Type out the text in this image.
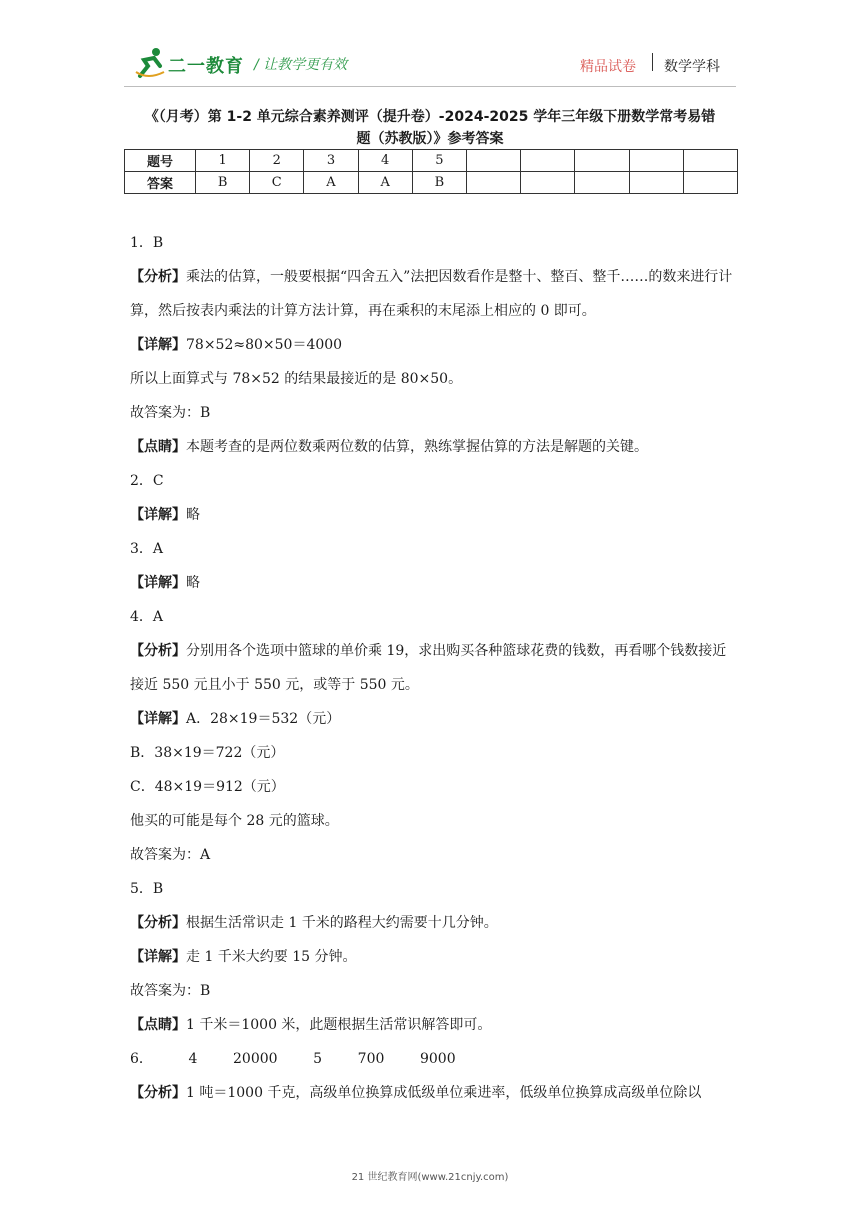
二一教育 / 让教学更有效	精品试卷 数学学科
《（月考）第 1-2 单元综合素养测评（提升卷）-2024-2025 学年三年级下册数学常考易错
题（苏教版）》参考答案
题号	1	2	3	4	5					
答案	B	C	A	A	B					

1．B

【分析】乘法的估算，一般要根据“四舍五入”法把因数看作是整十、整百、整千……的数来进行计算，然后按表内乘法的计算方法计算，再在乘积的末尾添上相应的 0 即可。

【详解】78×52≈80×50＝4000

所以上面算式与 78×52 的结果最接近的是 80×50。

故答案为：B

【点睛】本题考查的是两位数乘两位数的估算，熟练掌握估算的方法是解题的关键。

2．C

【详解】略

3．A

【详解】略

4．A

【分析】分别用各个选项中篮球的单价乘 19，求出购买各种篮球花费的钱数，再看哪个钱数接近接近 550 元且小于 550 元，或等于 550 元。

【详解】A．28×19＝532（元）

B．38×19＝722（元）

C．48×19＝912（元）

他买的可能是每个 28 元的篮球。

故答案为：A

5．B

【分析】根据生活常识走 1 千米的路程大约需要十几分钟。

【详解】走 1 千米大约要 15 分钟。

故答案为：B

【点睛】1 千米＝1000 米，此题根据生活常识解答即可。

6．        4        20000        5        700        9000

【分析】1 吨＝1000 千克，高级单位换算成低级单位乘进率，低级单位换算成高级单位除以

21 世纪教育网(www.21cnjy.com)
